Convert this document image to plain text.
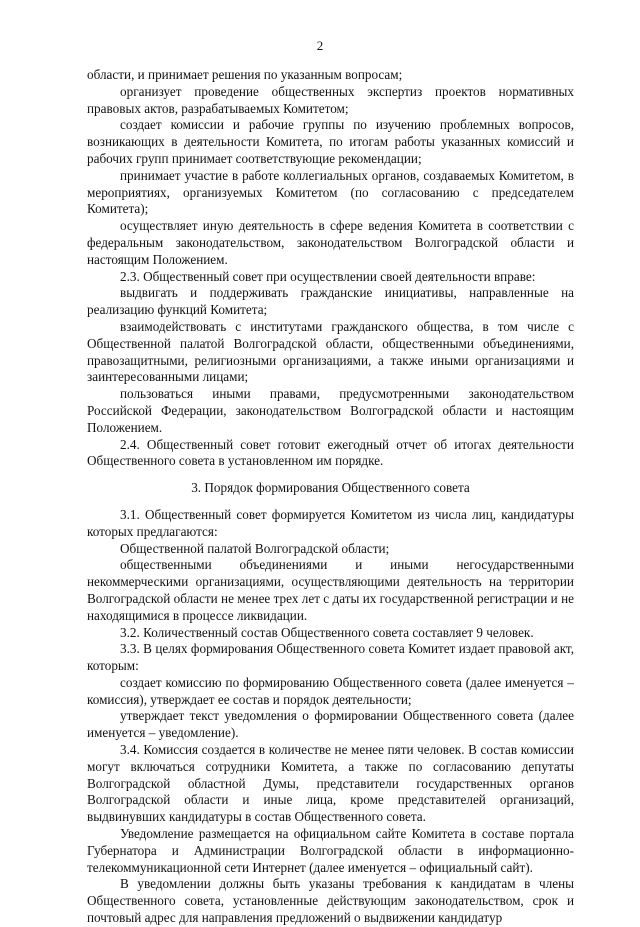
2

области, и принимает решения по указанным вопросам;

организует проведение общественных экспертиз проектов нормативных правовых актов, разрабатываемых Комитетом;

создает комиссии и рабочие группы по изучению проблемных вопросов, возникающих в деятельности Комитета, по итогам работы указанных комиссий и рабочих групп принимает соответствующие рекомендации;

принимает участие в работе коллегиальных органов, создаваемых Комитетом, в мероприятиях, организуемых Комитетом (по согласованию с председателем Комитета);

осуществляет иную деятельность в сфере ведения Комитета в соответствии с федеральным законодательством, законодательством Волгоградской области и настоящим Положением.

2.3. Общественный совет при осуществлении своей деятельности вправе:

выдвигать и поддерживать гражданские инициативы, направленные на реализацию функций Комитета;

взаимодействовать с институтами гражданского общества, в том числе с Общественной палатой Волгоградской области, общественными объединениями, правозащитными, религиозными организациями, а также иными организациями и заинтересованными лицами;

пользоваться иными правами, предусмотренными законодательством Российской Федерации, законодательством Волгоградской области и настоящим Положением.

2.4. Общественный совет готовит ежегодный отчет об итогах деятельности Общественного совета в установленном им порядке.

3. Порядок формирования Общественного совета

3.1. Общественный совет формируется Комитетом из числа лиц, кандидатуры которых предлагаются:

Общественной палатой Волгоградской области;

общественными объединениями и иными негосударственными некоммерческими организациями, осуществляющими деятельность на территории Волгоградской области не менее трех лет с даты их государственной регистрации и не находящимися в процессе ликвидации.

3.2. Количественный состав Общественного совета составляет 9 человек.

3.3. В целях формирования Общественного совета Комитет издает правовой акт, которым:

создает комиссию по формированию Общественного совета (далее именуется – комиссия), утверждает ее состав и порядок деятельности;

утверждает текст уведомления о формировании Общественного совета (далее именуется – уведомление).

3.4. Комиссия создается в количестве не менее пяти человек. В состав комиссии могут включаться сотрудники Комитета, а также по согласованию депутаты Волгоградской областной Думы, представители государственных органов Волгоградской области и иные лица, кроме представителей организаций, выдвинувших кандидатуры в состав Общественного совета.

Уведомление размещается на официальном сайте Комитета в составе портала Губернатора и Администрации Волгоградской области в информационно-телекоммуникационной сети Интернет (далее именуется – официальный сайт).

В уведомлении должны быть указаны требования к кандидатам в члены Общественного совета, установленные действующим законодательством, срок и почтовый адрес для направления предложений о выдвижении кандидатур
